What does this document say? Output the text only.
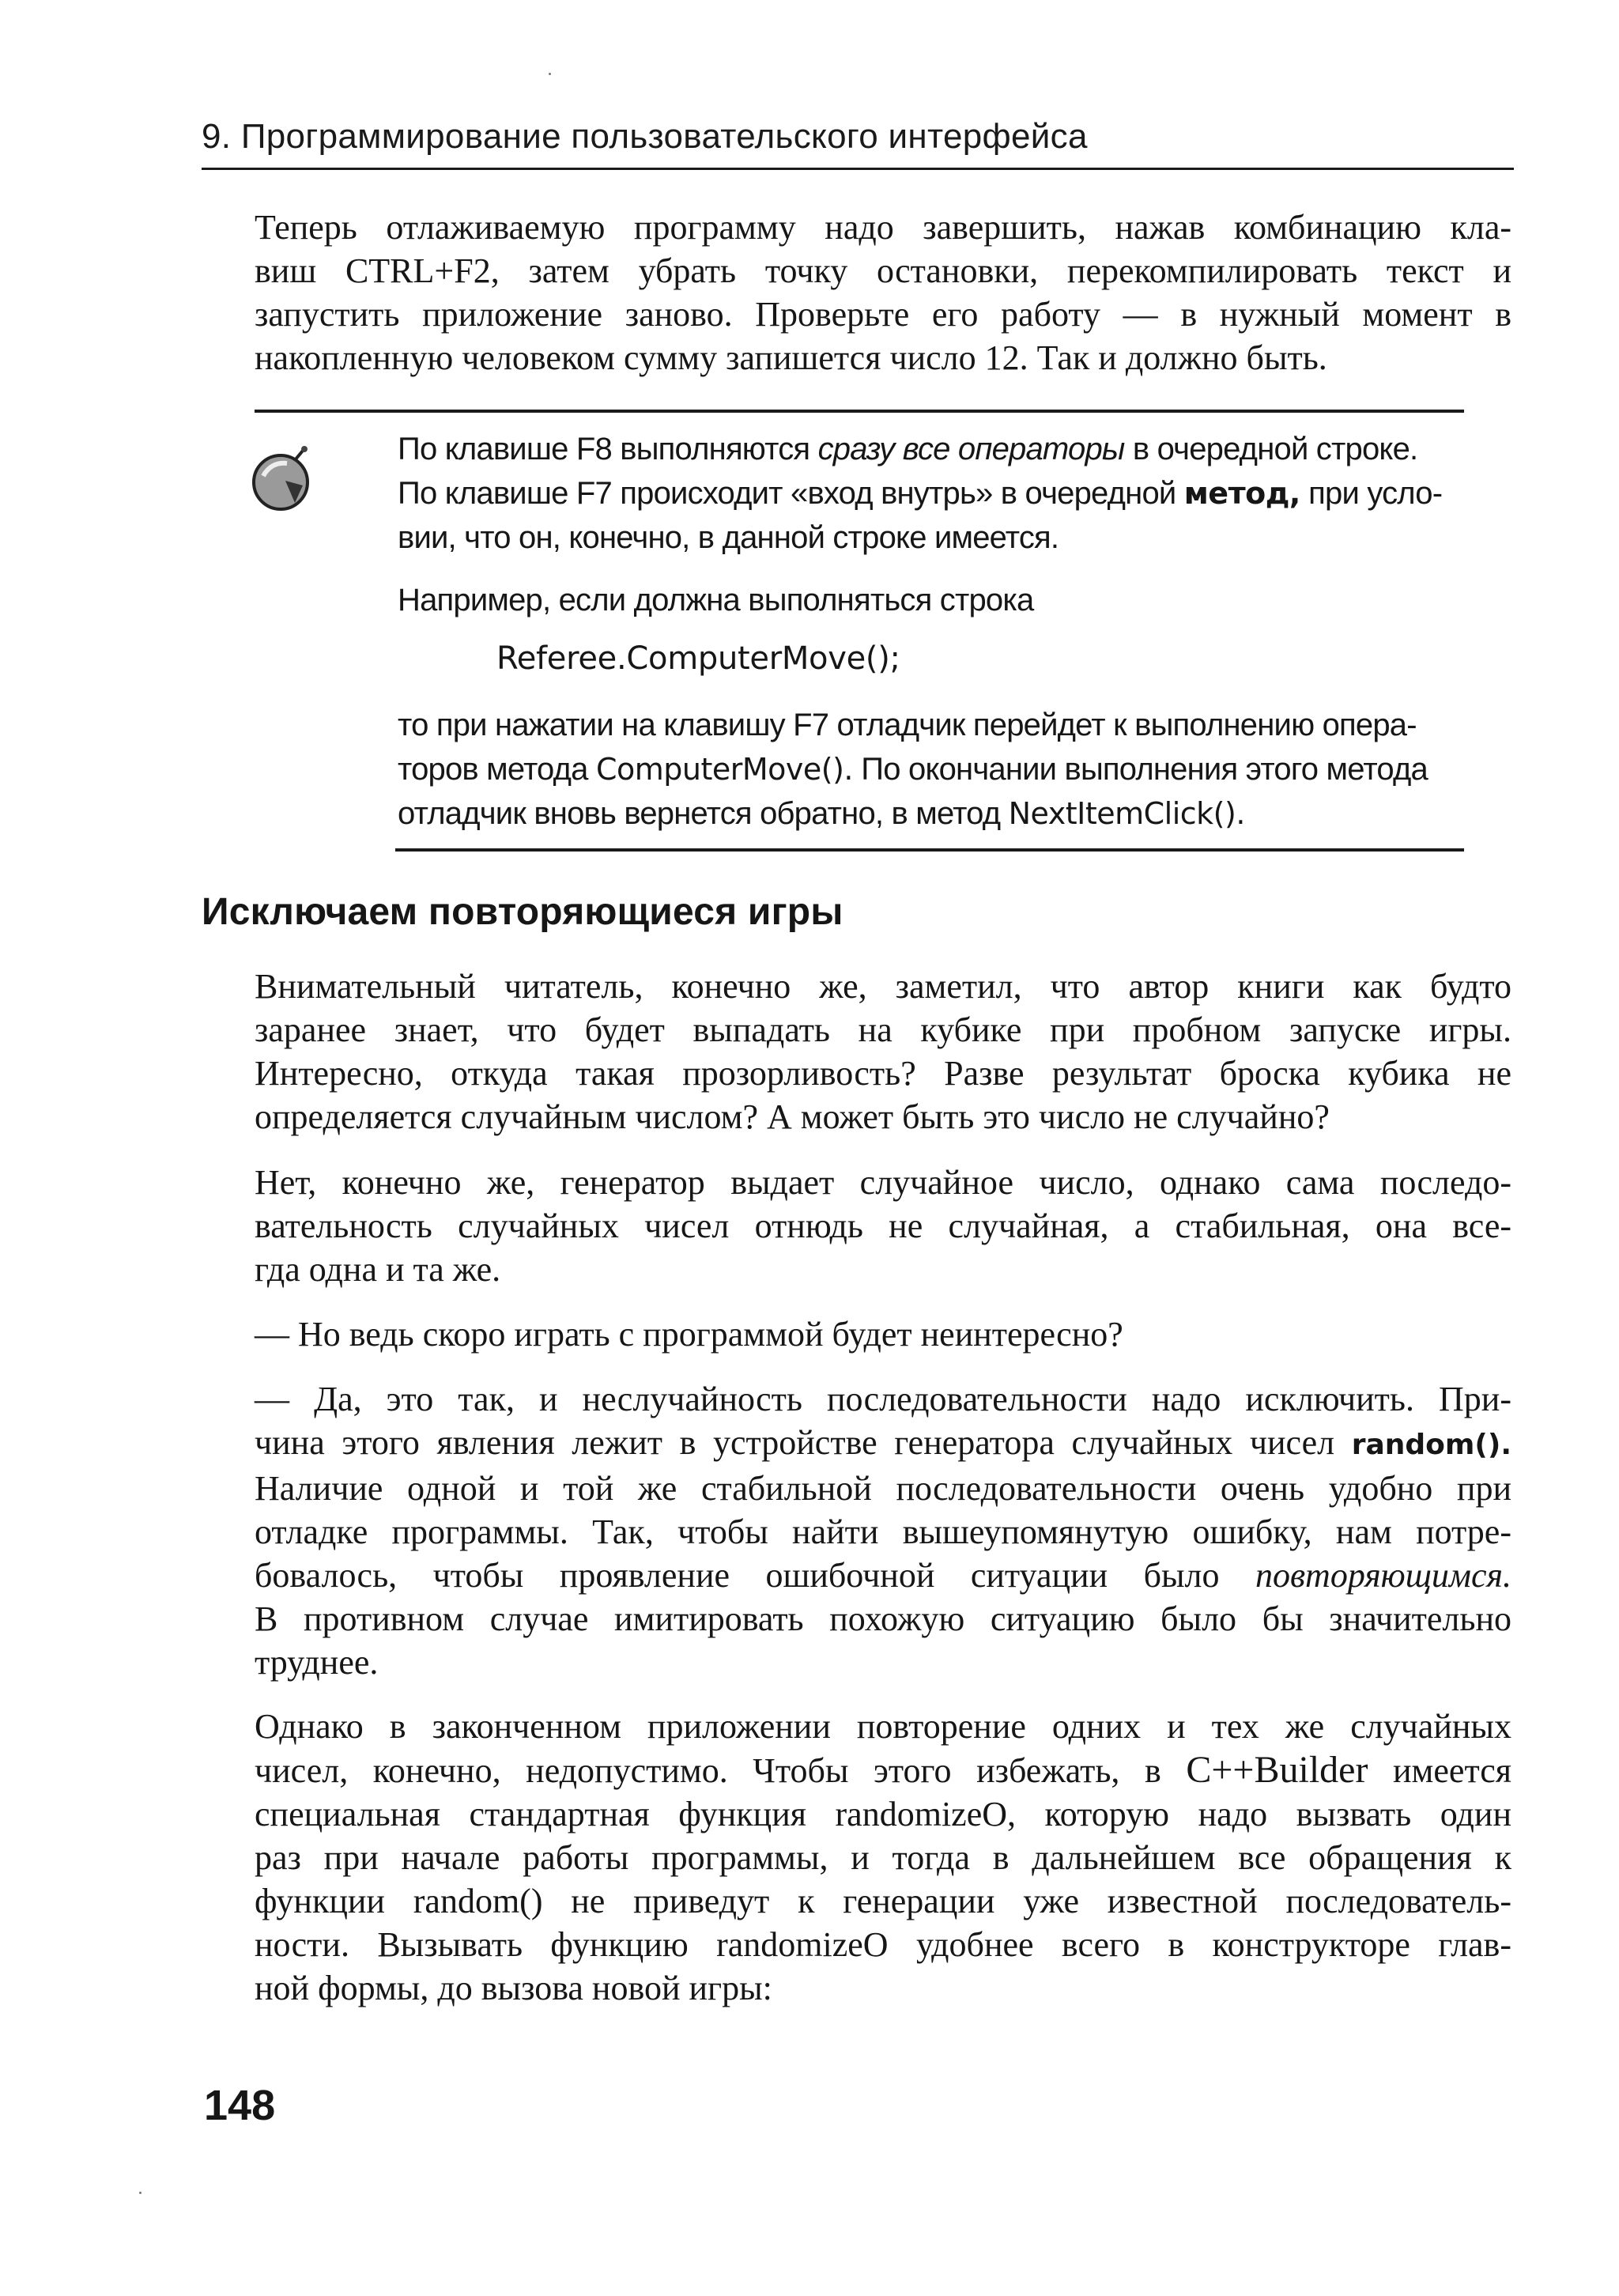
9. Программирование пользовательского интерфейса
Теперь отлаживаемую программу надо завершить, нажав комбинацию кла-
виш CTRL+F2, затем убрать точку остановки, перекомпилировать текст и
запустить приложение заново. Проверьте его работу — в нужный момент в
накопленную человеком сумму запишется число 12. Так и должно быть.
По клавише F8 выполняются сразу все операторы в очередной строке.
По клавише F7 происходит «вход внутрь» в очередной метод, при усло-
вии, что он, конечно, в данной строке имеется.
Например, если должна выполняться строка
Referee.ComputerMove();
то при нажатии на клавишу F7 отладчик перейдет к выполнению опера-
торов метода ComputerMove(). По окончании выполнения этого метода
отладчик вновь вернется обратно, в метод NextItemClick().
Исключаем повторяющиеся игры
Внимательный читатель, конечно же, заметил, что автор книги как будто
заранее знает, что будет выпадать на кубике при пробном запуске игры.
Интересно, откуда такая прозорливость? Разве результат броска кубика не
определяется случайным числом? А может быть это число не случайно?
Нет, конечно же, генератор выдает случайное число, однако сама последо-
вательность случайных чисел отнюдь не случайная, а стабильная, она все-
гда одна и та же.
— Но ведь скоро играть с программой будет неинтересно?
— Да, это так, и неслучайность последовательности надо исключить. При-
чина этого явления лежит в устройстве генератора случайных чисел random().
Наличие одной и той же стабильной последовательности очень удобно при
отладке программы. Так, чтобы найти вышеупомянутую ошибку, нам потре-
бовалось, чтобы проявление ошибочной ситуации было повторяющимся.
В противном случае имитировать похожую ситуацию было бы значительно
труднее.
Однако в законченном приложении повторение одних и тех же случайных
чисел, конечно, недопустимо. Чтобы этого избежать, в C++Builder имеется
специальная стандартная функция randomizeO, которую надо вызвать один
раз при начале работы программы, и тогда в дальнейшем все обращения к
функции random() не приведут к генерации уже известной последователь-
ности. Вызывать функцию randomizeO удобнее всего в конструкторе глав-
ной формы, до вызова новой игры:
148
